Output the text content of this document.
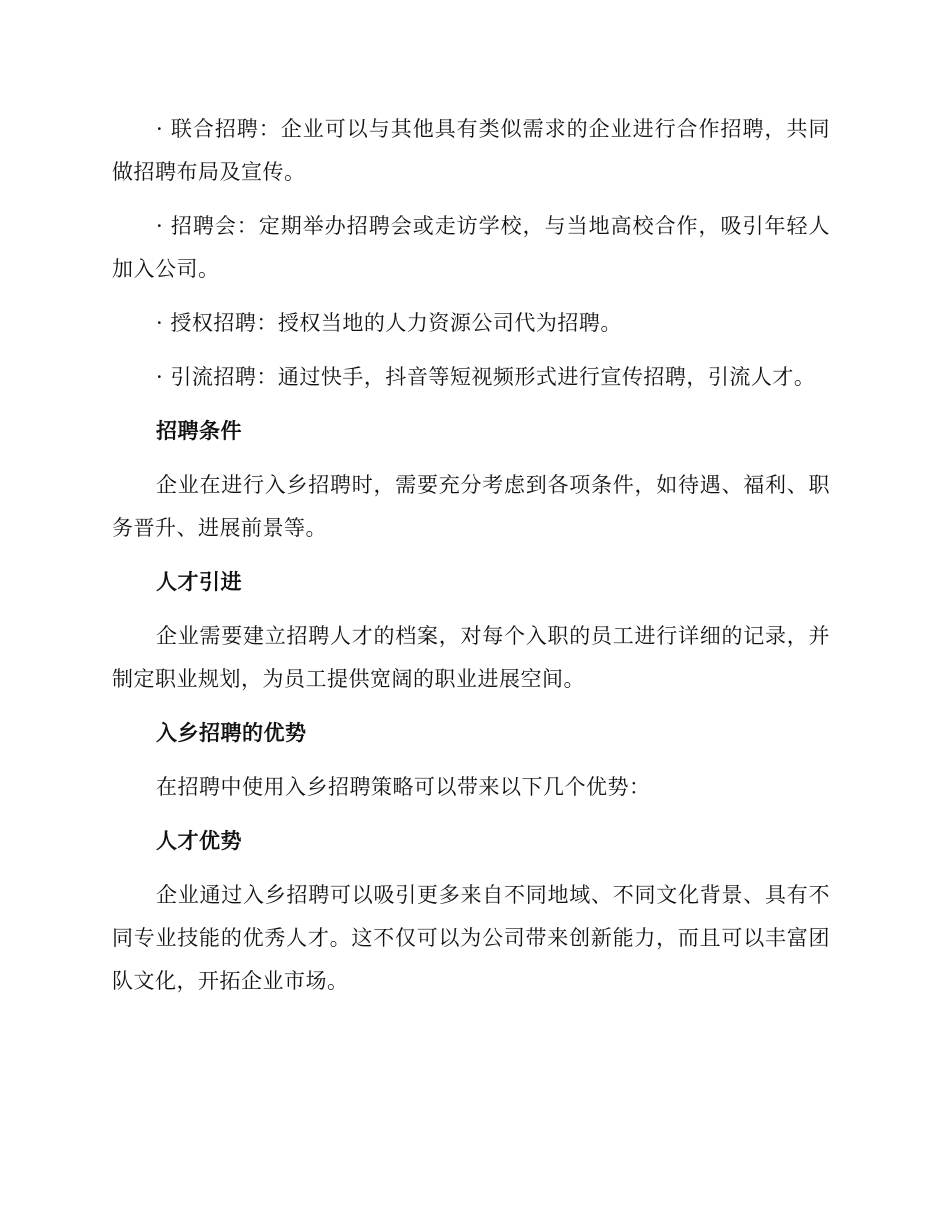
· 联合招聘：企业可以与其他具有类似需求的企业进行合作招聘，共同做招聘布局及宣传。

· 招聘会：定期举办招聘会或走访学校，与当地高校合作，吸引年轻人加入公司。

· 授权招聘：授权当地的人力资源公司代为招聘。

· 引流招聘：通过快手，抖音等短视频形式进行宣传招聘，引流人才。

招聘条件

企业在进行入乡招聘时，需要充分考虑到各项条件，如待遇、福利、职务晋升、进展前景等。

人才引进

企业需要建立招聘人才的档案，对每个入职的员工进行详细的记录，并制定职业规划，为员工提供宽阔的职业进展空间。

入乡招聘的优势

在招聘中使用入乡招聘策略可以带来以下几个优势：

人才优势

企业通过入乡招聘可以吸引更多来自不同地域、不同文化背景、具有不同专业技能的优秀人才。这不仅可以为公司带来创新能力，而且可以丰富团队文化，开拓企业市场。
